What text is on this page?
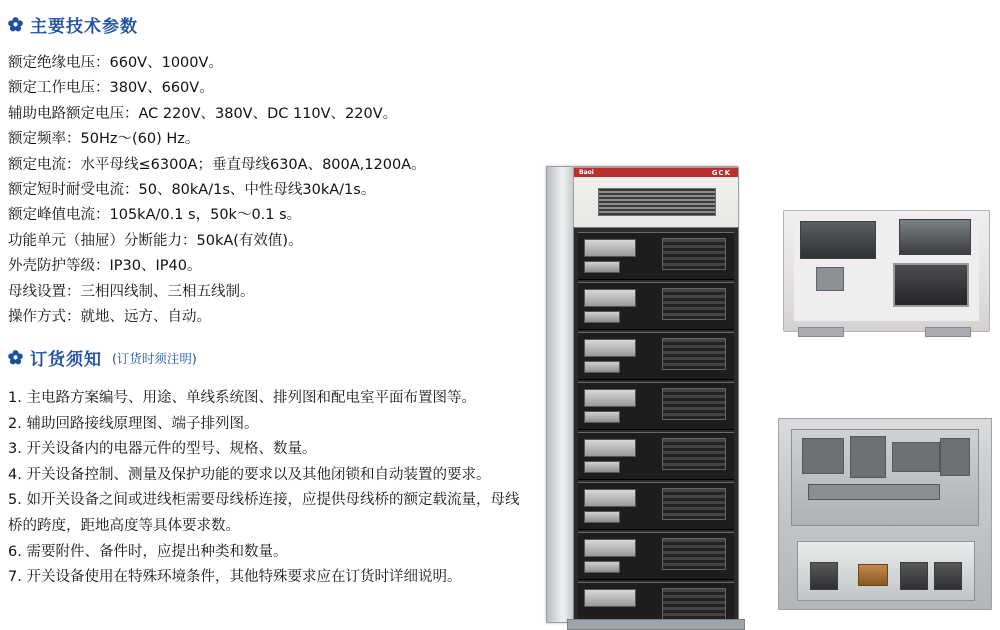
主要技术参数
额定绝缘电压：660V、1000V。
额定工作电压：380V、660V。
辅助电路额定电压：AC 220V、380V、DC 110V、220V。
额定频率：50Hz～(60) Hz。
额定电流：水平母线≤6300A；垂直母线630A、800A,1200A。
额定短时耐受电流：50、80kA/1s、中性母线30kA/1s。
额定峰值电流：105kA/0.1 s，50k～0.1 s。
功能单元（抽屉）分断能力：50kA(有效值)。
外壳防护等级：IP30、IP40。
母线设置：三相四线制、三相五线制。
操作方式：就地、远方、自动。
订货须知 (订货时须注明)
1. 主电路方案编号、用途、单线系统图、排列图和配电室平面布置图等。
2. 辅助回路接线原理图、端子排列图。
3. 开关设备内的电器元件的型号、规格、数量。
4. 开关设备控制、测量及保护功能的要求以及其他闭锁和自动装置的要求。
5. 如开关设备之间或进线柜需要母线桥连接，应提供母线桥的额定载流量，母线桥的跨度，距地高度等具体要求数。
6. 需要附件、备件时，应提出种类和数量。
7. 开关设备使用在特殊环境条件，其他特殊要求应在订货时详细说明。
Baoi	GCK
